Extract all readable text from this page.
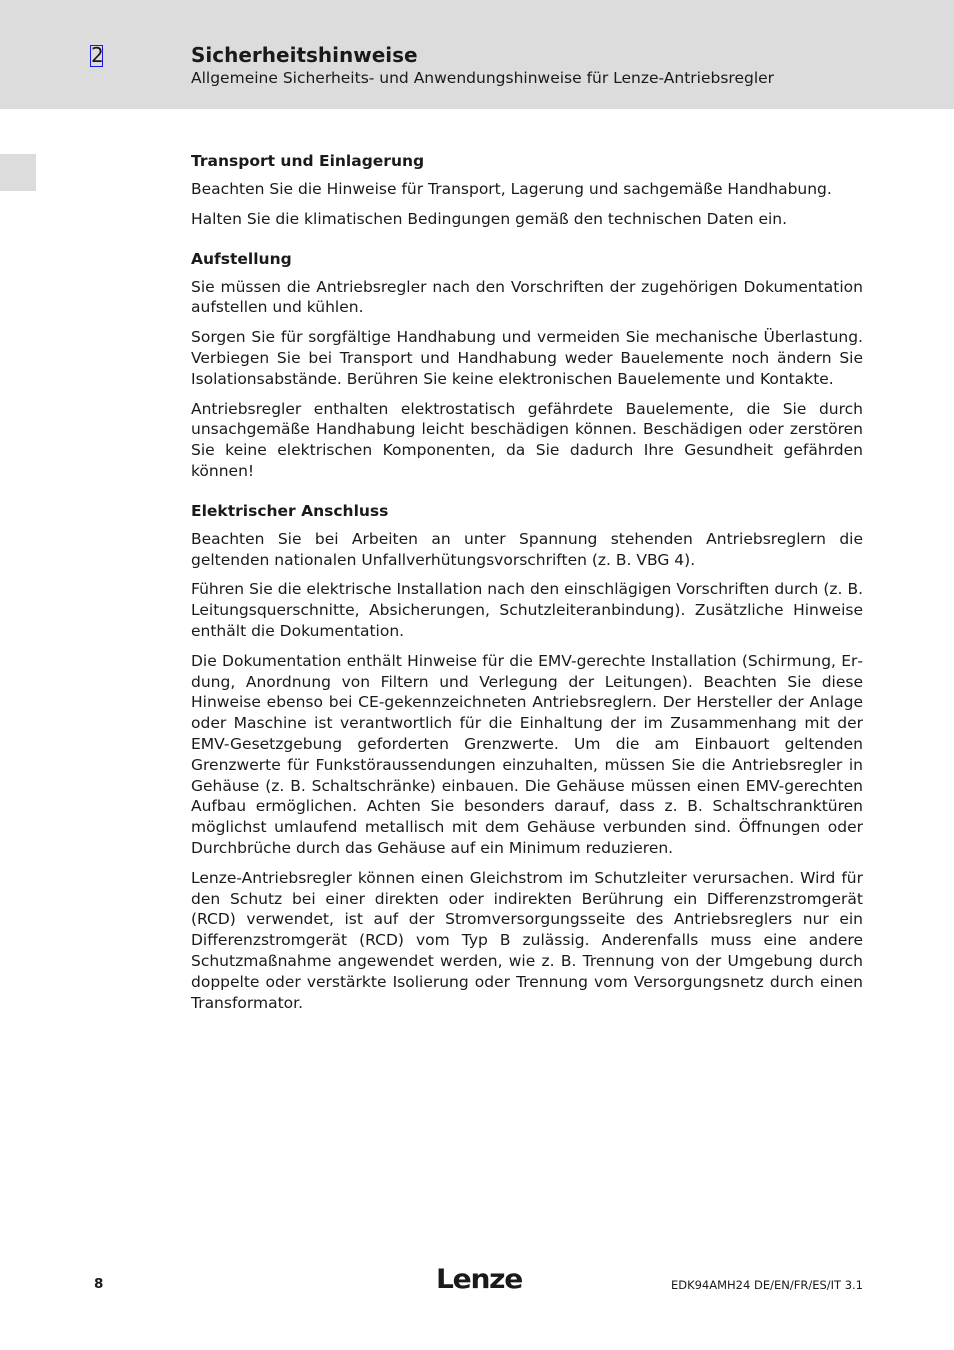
2	Sicherheitshinweise
Allgemeine Sicherheits- und Anwendungshinweise für Lenze-Antriebsregler
Transport und Einlagerung

Beachten Sie die Hinweise für Transport, Lagerung und sachgemäße Handhabung.

Halten Sie die klimatischen Bedingungen gemäß den technischen Daten ein.

Aufstellung

Sie müssen die Antriebsregler nach den Vorschriften der zugehörigen Dokumentation aufstellen und kühlen.

Sorgen Sie für sorgfältige Handhabung und vermeiden Sie mechanische Überlastung. Verbiegen Sie bei Transport und Handhabung weder Bauelemente noch ändern Sie Isolationsabstände. Berühren Sie keine elektronischen Bauelemente und Kontakte.

Antriebsregler enthalten elektrostatisch gefährdete Bauelemente, die Sie durch unsachgemäße Handhabung leicht beschädigen können. Beschädigen oder zerstören Sie keine elektrischen Komponenten, da Sie dadurch Ihre Gesundheit gefährden können!

Elektrischer Anschluss

Beachten Sie bei Arbeiten an unter Spannung stehenden Antriebsreglern die geltenden nationalen Unfallverhütungsvorschriften (z. B. VBG 4).

Führen Sie die elektrische Installation nach den einschlägigen Vorschriften durch (z. B. Leitungsquerschnitte, Absicherungen, Schutzleiteranbindung). Zusätzliche Hinweise enthält die Dokumentation.

Die Dokumentation enthält Hinweise für die EMV-gerechte Installation (Schirmung, Erdung, Anordnung von Filtern und Verlegung der Leitungen). Beachten Sie diese Hinweise ebenso bei CE-gekennzeichneten Antriebsreglern. Der Hersteller der Anlage oder Maschine ist verantwortlich für die Einhaltung der im Zusammenhang mit der EMV-Gesetzgebung geforderten Grenzwerte. Um die am Einbauort geltenden Grenzwerte für Funkstöraussendungen einzuhalten, müssen Sie die Antriebsregler in Gehäuse (z. B. Schaltschränke) einbauen. Die Gehäuse müssen einen EMV-gerechten Aufbau ermöglichen. Achten Sie besonders darauf, dass z. B. Schaltschranktüren möglichst umlaufend metallisch mit dem Gehäuse verbunden sind. Öffnungen oder Durchbrüche durch das Gehäuse auf ein Minimum reduzieren.

Lenze-Antriebsregler können einen Gleichstrom im Schutzleiter verursachen. Wird für den Schutz bei einer direkten oder indirekten Berührung ein Differenzstromgerät (RCD) verwendet, ist auf der Stromversorgungsseite des Antriebsreglers nur ein Differenzstromgerät (RCD) vom Typ B zulässig. Anderenfalls muss eine andere Schutzmaßnahme angewendet werden, wie z. B. Trennung von der Umgebung durch doppelte oder verstärkte Isolierung oder Trennung vom Versorgungsnetz durch einen Transformator.

8	Lenze	EDK94AMH24 DE/EN/FR/ES/IT 3.1
